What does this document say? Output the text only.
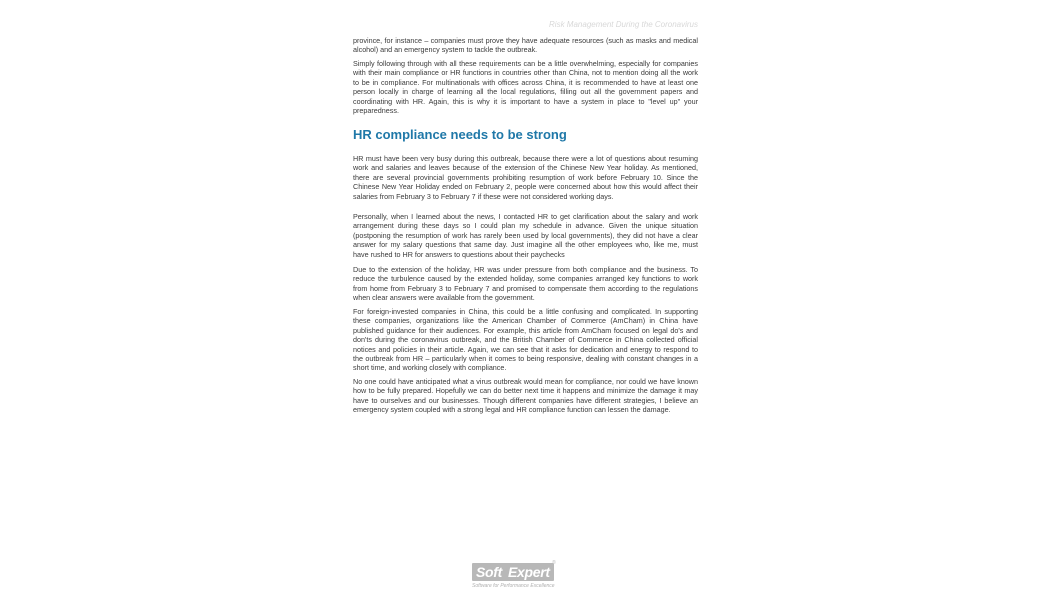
Risk Management During the Coronavirus

province, for instance – companies must prove they have adequate resources (such as masks and medical alcohol) and an emergency system to tackle the outbreak.

Simply following through with all these requirements can be a little overwhelming, especially for companies with their main compliance or HR functions in countries other than China, not to mention doing all the work to be in compliance. For multinationals with offices across China, it is recommended to have at least one person locally in charge of learning all the local regulations, filling out all the government papers and coordinating with HR. Again, this is why it is important to have a system in place to "level up" your preparedness.

HR compliance needs to be strong

HR must have been very busy during this outbreak, because there were a lot of questions about resuming work and salaries and leaves because of the extension of the Chinese New Year holiday. As mentioned, there are several provincial governments prohibiting resumption of work before February 10. Since the Chinese New Year Holiday ended on February 2, people were concerned about how this would affect their salaries from February 3 to February 7 if these were not considered working days.

Personally, when I learned about the news, I contacted HR to get clarification about the salary and work arrangement during these days so I could plan my schedule in advance. Given the unique situation (postponing the resumption of work has rarely been used by local governments), they did not have a clear answer for my salary questions that same day. Just imagine all the other employees who, like me, must have rushed to HR for answers to questions about their paychecks

Due to the extension of the holiday, HR was under pressure from both compliance and the business. To reduce the turbulence caused by the extended holiday, some companies arranged key functions to work from home from February 3 to February 7 and promised to compensate them according to the regulations when clear answers were available from the government.

For foreign-invested companies in China, this could be a little confusing and complicated. In supporting these companies, organizations like the American Chamber of Commerce (AmCham) in China have published guidance for their audiences. For example, this article from AmCham focused on legal do's and don'ts during the coronavirus outbreak, and the British Chamber of Commerce in China collected official notices and policies in their article. Again, we can see that it asks for dedication and energy to respond to the outbreak from HR – particularly when it comes to being responsive, dealing with constant changes in a short time, and working closely with compliance.

No one could have anticipated what a virus outbreak would mean for compliance, nor could we have known how to be fully prepared. Hopefully we can do better next time it happens and minimize the damage it may have to ourselves and our businesses. Though different companies have different strategies, I believe an emergency system coupled with a strong legal and HR compliance function can lessen the damage.

Soft Expert
®
Software for Performance Excellence
